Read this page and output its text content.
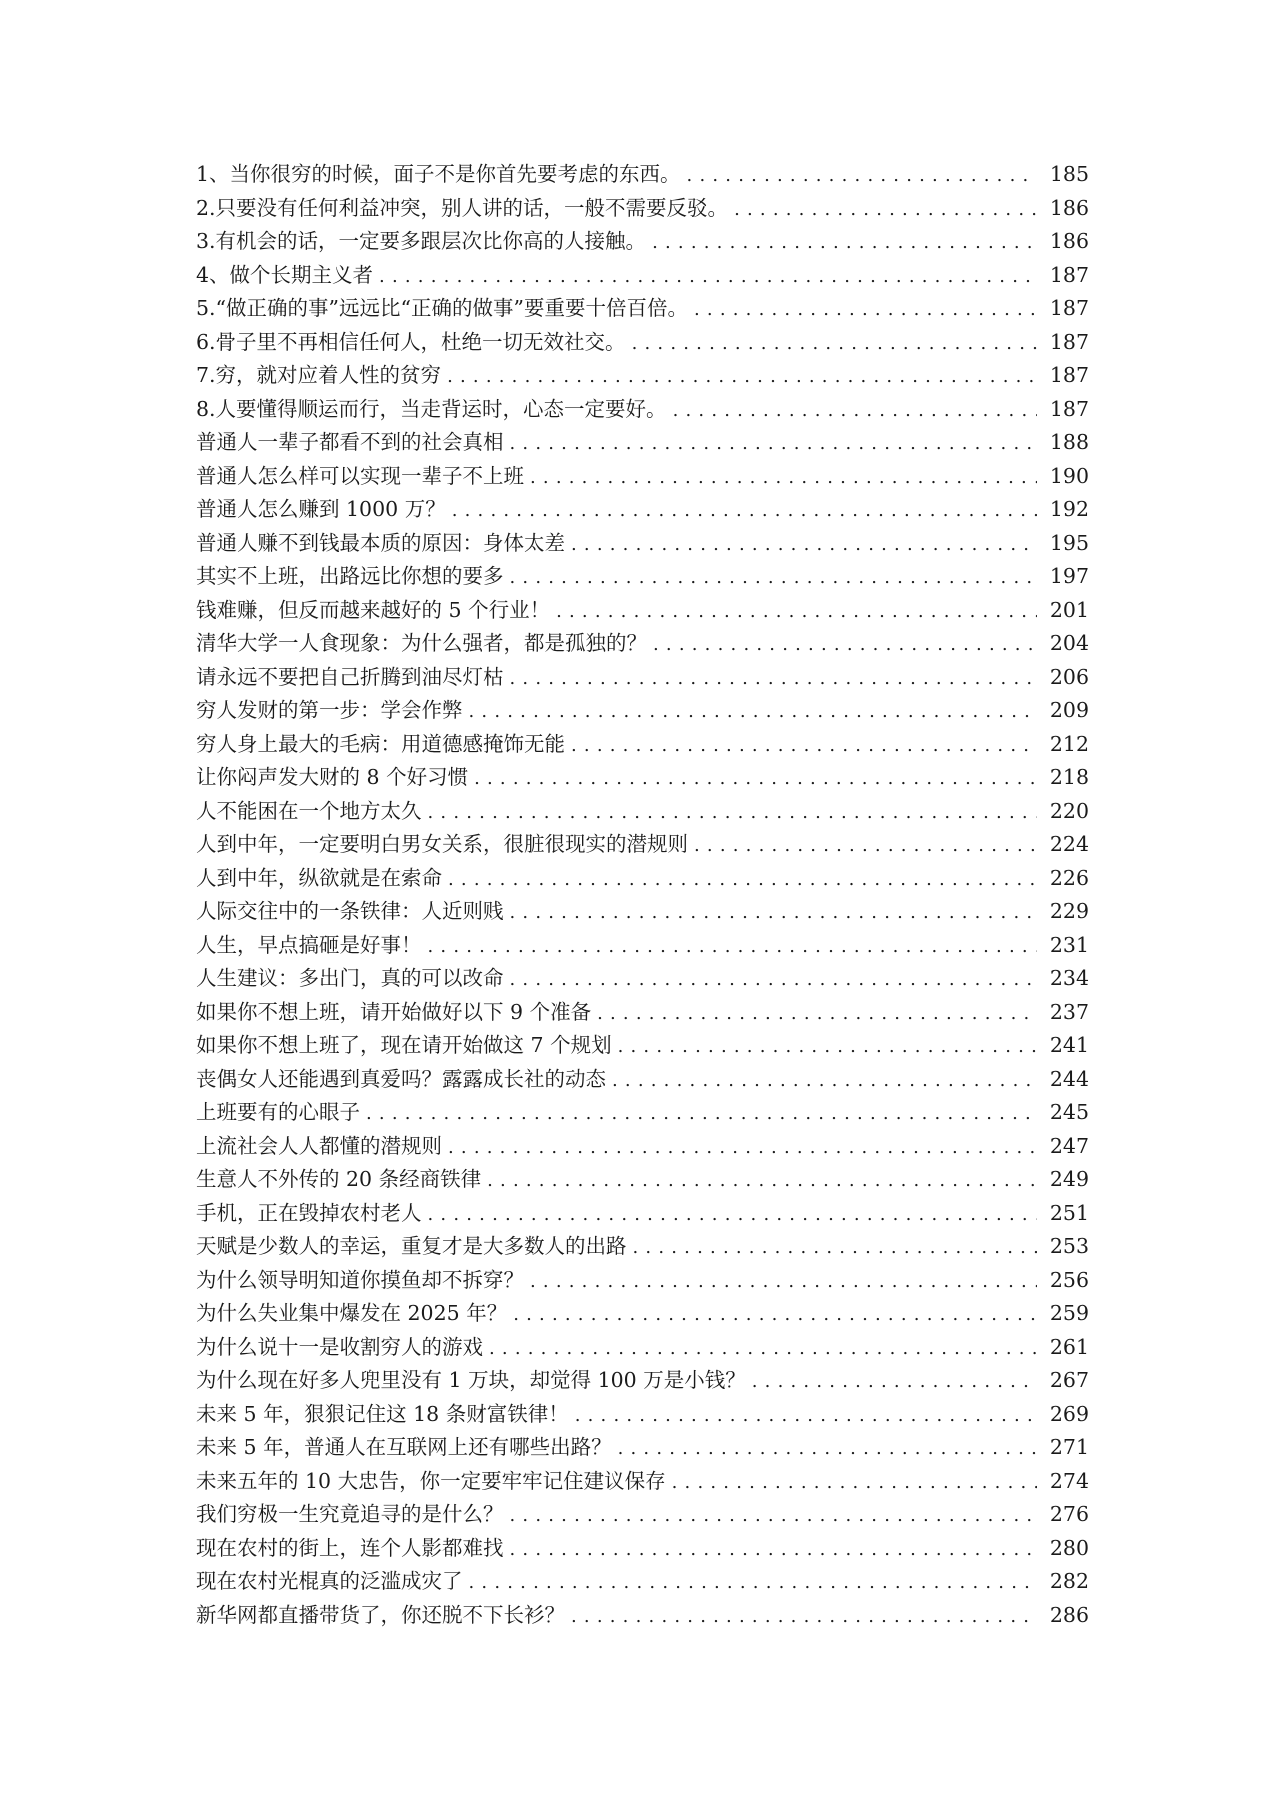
1、当你很穷的时候，面子不是你首先要考虑的东西。 .....	185
2.只要没有任何利益冲突，别人讲的话，一般不需要反驳。 .....	186
3.有机会的话，一定要多跟层次比你高的人接触。 .....	186
4、做个长期主义者 .....	187
5.“做正确的事”远远比“正确的做事”要重要十倍百倍。 .....	187
6.骨子里不再相信任何人，杜绝一切无效社交。 .....	187
7.穷，就对应着人性的贫穷 .....	187
8.人要懂得顺运而行，当走背运时，心态一定要好。 .....	187
普通人一辈子都看不到的社会真相 .....	188
普通人怎么样可以实现一辈子不上班 .....	190
普通人怎么赚到 1000 万？ .....	192
普通人赚不到钱最本质的原因：身体太差 .....	195
其实不上班，出路远比你想的要多 .....	197
钱难赚，但反而越来越好的 5 个行业！ .....	201
清华大学一人食现象：为什么强者，都是孤独的？ .....	204
请永远不要把自己折腾到油尽灯枯 .....	206
穷人发财的第一步：学会作弊 .....	209
穷人身上最大的毛病：用道德感掩饰无能 .....	212
让你闷声发大财的 8 个好习惯 .....	218
人不能困在一个地方太久 .....	220
人到中年，一定要明白男女关系，很脏很现实的潜规则 .....	224
人到中年，纵欲就是在索命 .....	226
人际交往中的一条铁律：人近则贱 .....	229
人生，早点搞砸是好事！ .....	231
人生建议：多出门，真的可以改命 .....	234
如果你不想上班，请开始做好以下 9 个准备 .....	237
如果你不想上班了，现在请开始做这 7 个规划 .....	241
丧偶女人还能遇到真爱吗？露露成长社的动态 .....	244
上班要有的心眼子 .....	245
上流社会人人都懂的潜规则 .....	247
生意人不外传的 20 条经商铁律 .....	249
手机，正在毁掉农村老人 .....	251
天赋是少数人的幸运，重复才是大多数人的出路 .....	253
为什么领导明知道你摸鱼却不拆穿？ .....	256
为什么失业集中爆发在 2025 年？ .....	259
为什么说十一是收割穷人的游戏 .....	261
为什么现在好多人兜里没有 1 万块，却觉得 100 万是小钱？ .....	267
未来 5 年，狠狠记住这 18 条财富铁律！ .....	269
未来 5 年，普通人在互联网上还有哪些出路？ .....	271
未来五年的 10 大忠告，你一定要牢牢记住建议保存 .....	274
我们穷极一生究竟追寻的是什么？ .....	276
现在农村的街上，连个人影都难找 .....	280
现在农村光棍真的泛滥成灾了 .....	282
新华网都直播带货了，你还脱不下长衫？ .....	286
